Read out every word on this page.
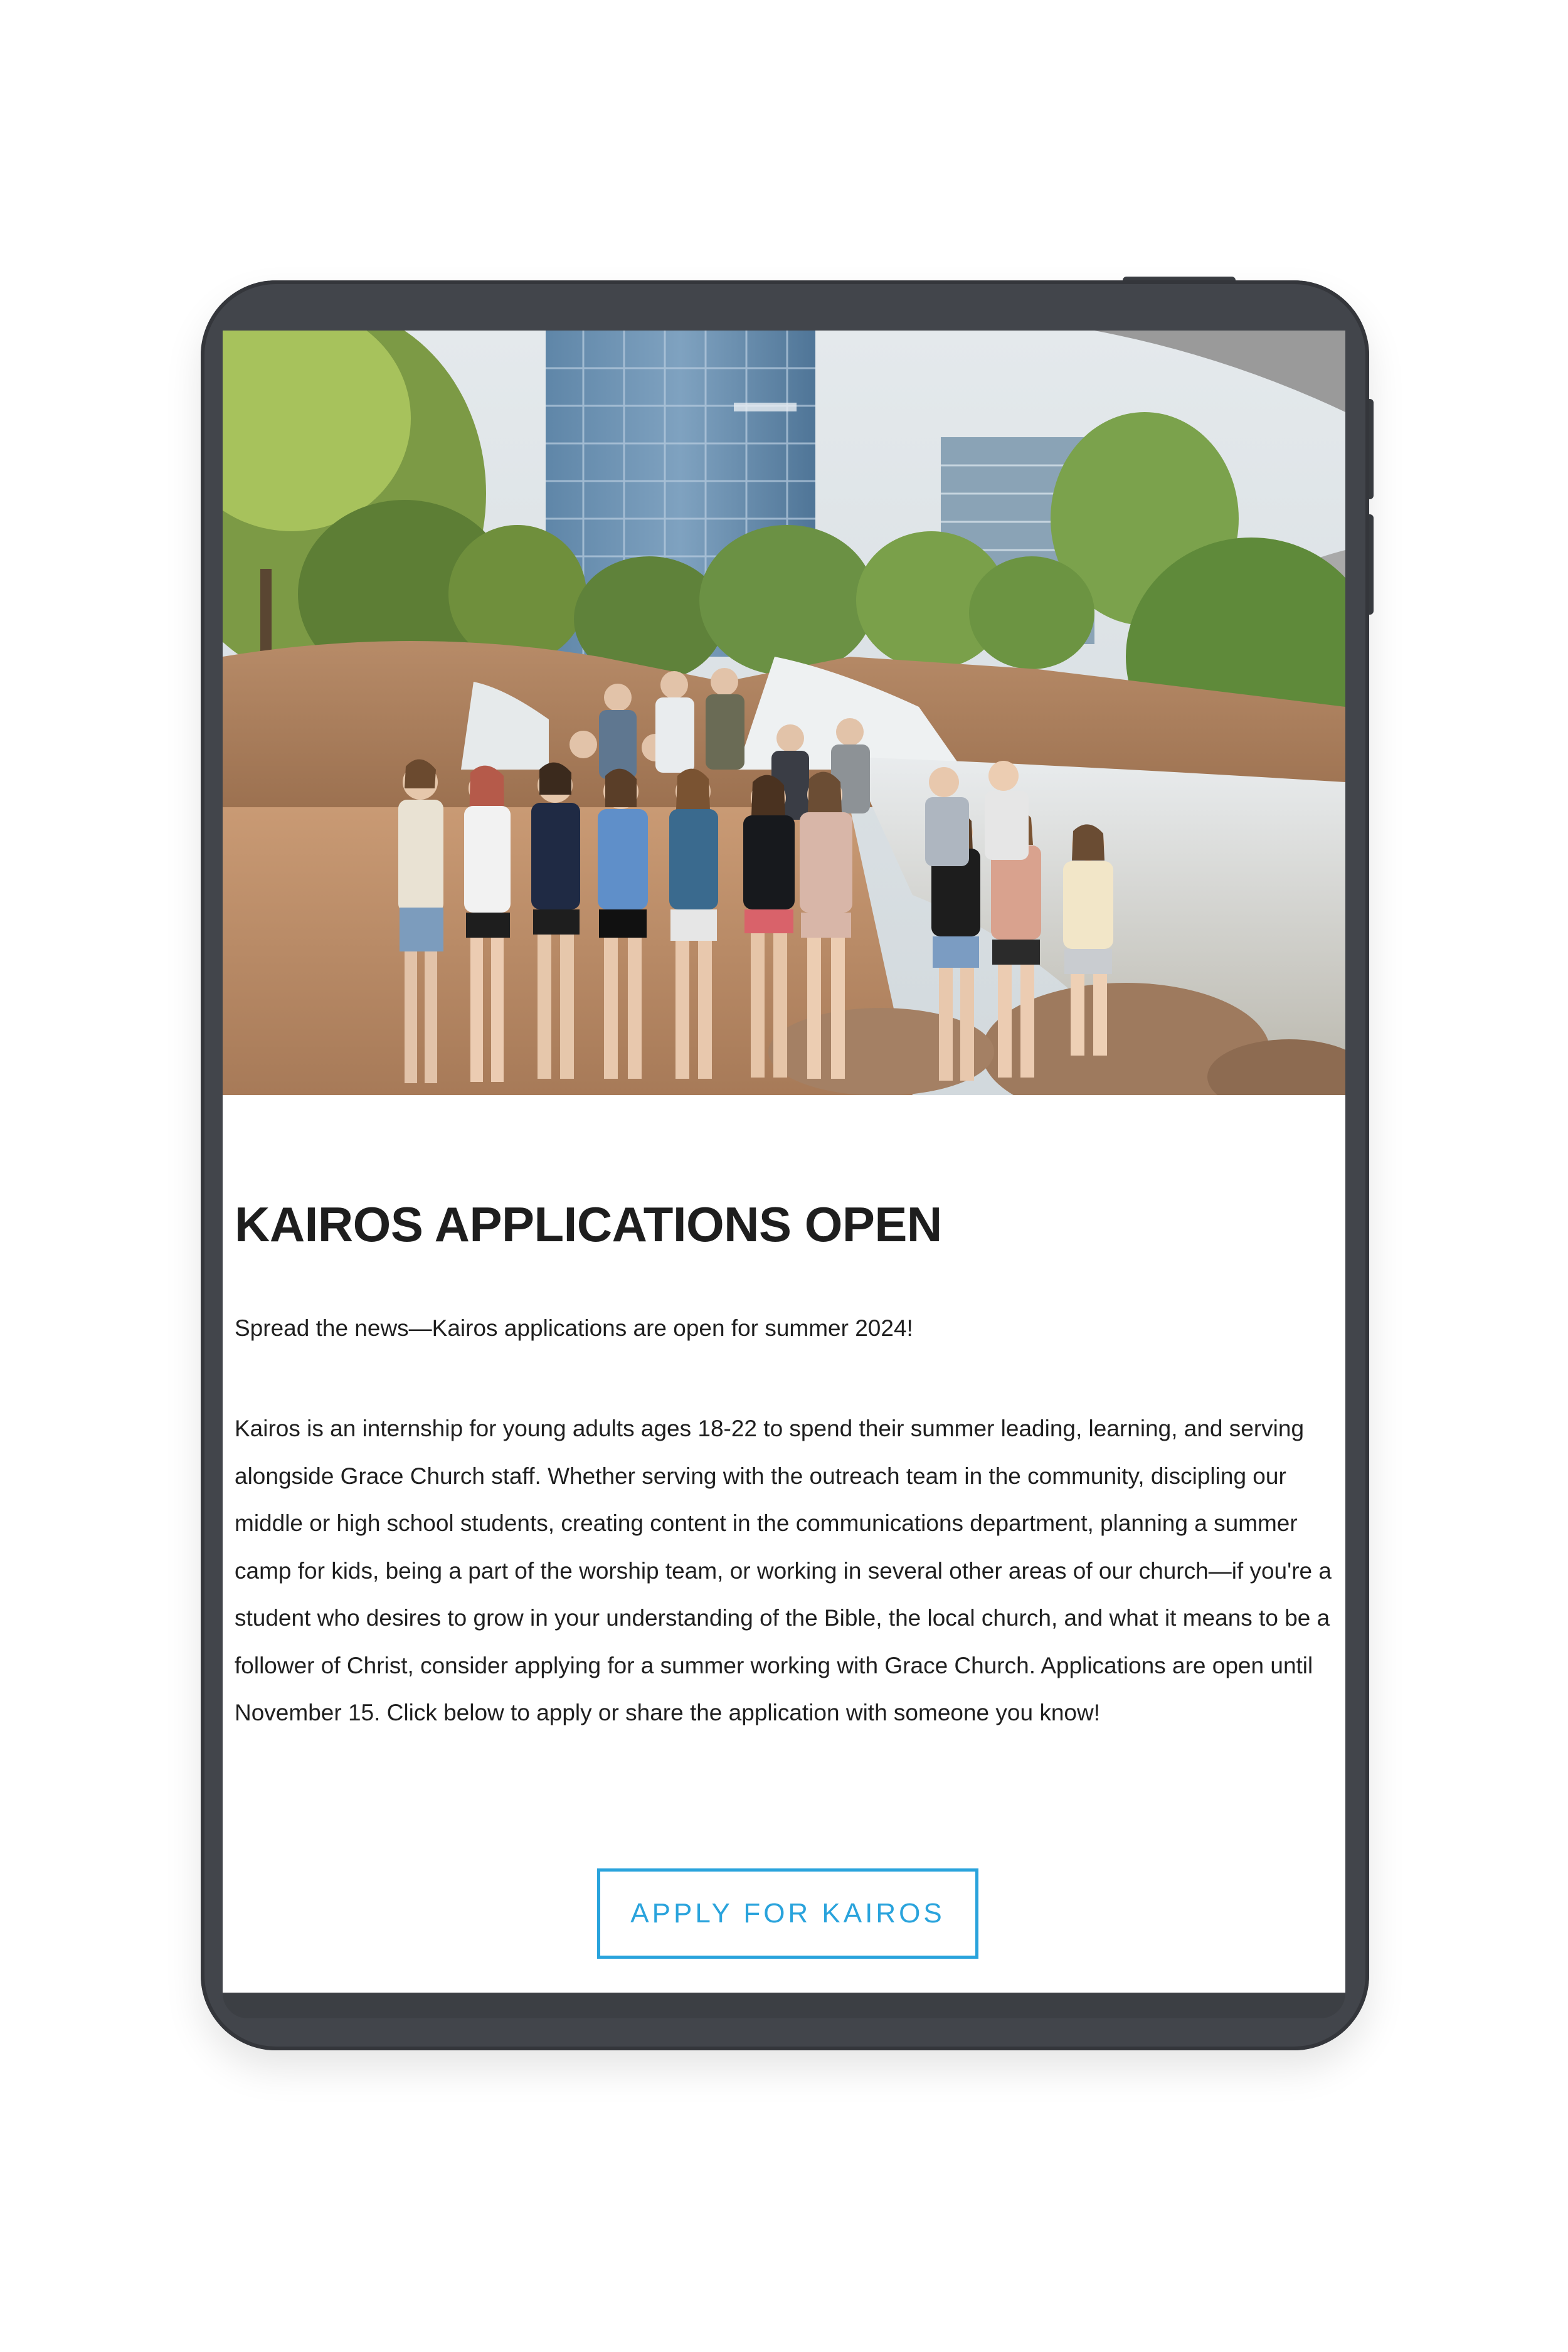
KAIROS APPLICATIONS OPEN

Spread the news—Kairos applications are open for summer 2024!

Kairos is an internship for young adults ages 18-22 to spend their summer leading, learning, and serving alongside Grace Church staff. Whether serving with the outreach team in the community, discipling our middle or high school students, creating content in the communications department, planning a summer camp for kids, being a part of the worship team, or working in several other areas of our church—if you're a student who desires to grow in your understanding of the Bible, the local church, and what it means to be a follower of Christ, consider applying for a summer working with Grace Church. Applications are open until November 15. Click below to apply or share the application with someone you know!

APPLY FOR KAIROS
